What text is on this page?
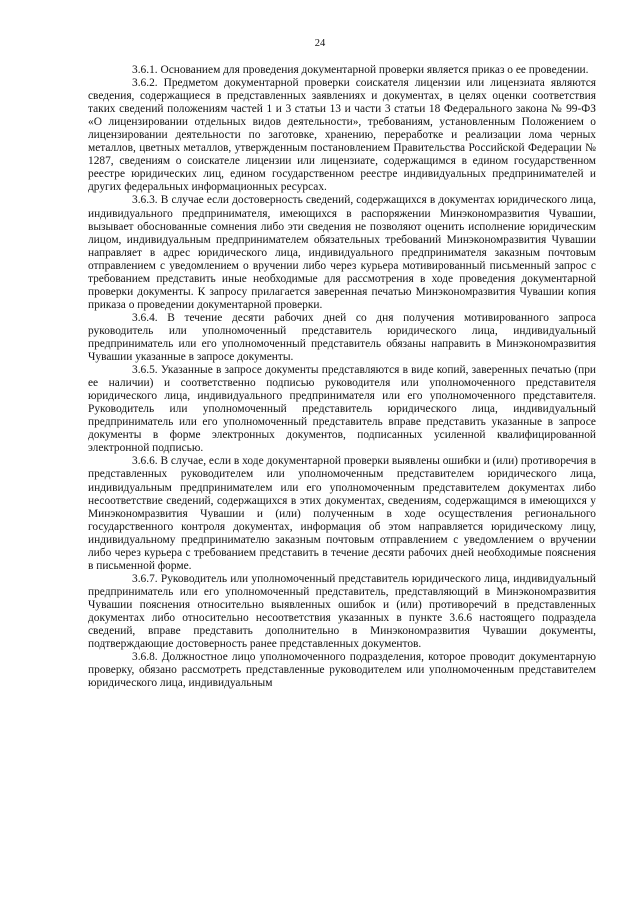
24

3.6.1. Основанием для проведения документарной проверки является приказ о ее проведении.

3.6.2. Предметом документарной проверки соискателя лицензии или лицензиата являются сведения, содержащиеся в представленных заявлениях и документах, в целях оценки соответствия таких сведений положениям частей 1 и 3 статьи 13 и части 3 статьи 18 Федерального закона № 99-ФЗ «О лицензировании отдельных видов деятельности», требованиям, установленным Положением о лицензировании деятельности по заготовке, хранению, переработке и реализации лома черных металлов, цветных металлов, утвержденным постановлением Правительства Российской Федерации № 1287, сведениям о соискателе лицензии или лицензиате, содержащимся в едином государственном реестре юридических лиц, едином государственном реестре индивидуальных предпринимателей и других федеральных информационных ресурсах.

3.6.3. В случае если достоверность сведений, содержащихся в документах юридического лица, индивидуального предпринимателя, имеющихся в распоряжении Минэкономразвития Чувашии, вызывает обоснованные сомнения либо эти сведения не позволяют оценить исполнение юридическим лицом, индивидуальным предпринимателем обязательных требований Минэкономразвития Чувашии направляет в адрес юридического лица, индивидуального предпринимателя заказным почтовым отправлением с уведомлением о вручении либо через курьера мотивированный письменный запрос с требованием представить иные необходимые для рассмотрения в ходе проведения документарной проверки документы. К запросу прилагается заверенная печатью Минэкономразвития Чувашии копия приказа о проведении документарной проверки.

3.6.4. В течение десяти рабочих дней со дня получения мотивированного запроса руководитель или уполномоченный представитель юридического лица, индивидуальный предприниматель или его уполномоченный представитель обязаны направить в Минэкономразвития Чувашии указанные в запросе документы.

3.6.5. Указанные в запросе документы представляются в виде копий, заверенных печатью (при ее наличии) и соответственно подписью руководителя или уполномоченного представителя юридического лица, индивидуального предпринимателя или его уполномоченного представителя. Руководитель или уполномоченный представитель юридического лица, индивидуальный предприниматель или его уполномоченный представитель вправе представить указанные в запросе документы в форме электронных документов, подписанных усиленной квалифицированной электронной подписью.

3.6.6. В случае, если в ходе документарной проверки выявлены ошибки и (или) противоречия в представленных руководителем или уполномоченным представителем юридического лица, индивидуальным предпринимателем или его уполномоченным представителем документах либо несоответствие сведений, содержащихся в этих документах, сведениям, содержащимся в имеющихся у Минэкономразвития Чувашии и (или) полученным в ходе осуществления регионального государственного контроля документах, информация об этом направляется юридическому лицу, индивидуальному предпринимателю заказным почтовым отправлением с уведомлением о вручении либо через курьера с требованием представить в течение десяти рабочих дней необходимые пояснения в письменной форме.

3.6.7. Руководитель или уполномоченный представитель юридического лица, индивидуальный предприниматель или его уполномоченный представитель, представляющий в Минэкономразвития Чувашии пояснения относительно выявленных ошибок и (или) противоречий в представленных документах либо относительно несоответствия указанных в пункте 3.6.6 настоящего подраздела сведений, вправе представить дополнительно в Минэкономразвития Чувашии документы, подтверждающие достоверность ранее представленных документов.

3.6.8. Должностное лицо уполномоченного подразделения, которое проводит документарную проверку, обязано рассмотреть представленные руководителем или уполномоченным представителем юридического лица, индивидуальным
